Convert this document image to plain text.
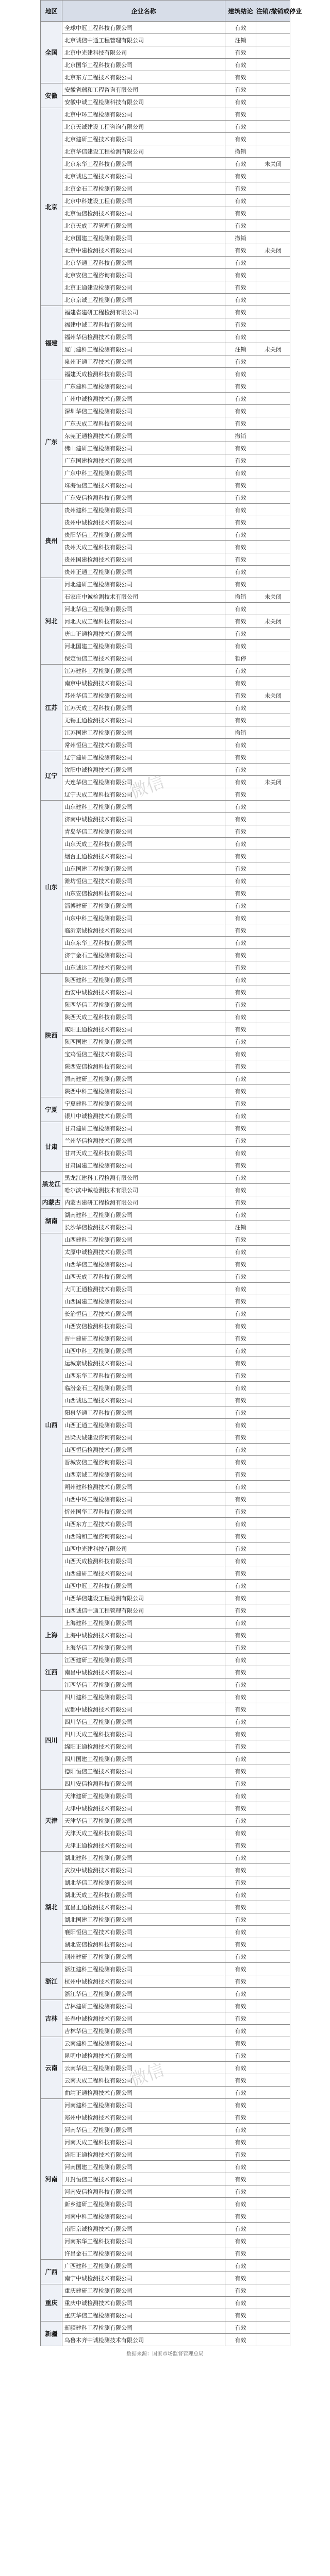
地区	企业名称	建筑结论	注销/撤销或停业
全国	全球中冠工程科技有限公司	有效	
	北京诚信中通工程管理有限公司	注销	
	北京中光建科技有限公司	有效	
	北京国华工程科技有限公司	有效	
	北京东方工程技术有限公司	有效	
安徽	安徽省瑞和工程咨询有限公司	有效	
	安徽中诚工程检测科技有限公司	有效	
北京	北京中环工程检测有限公司	有效	
	北京天诚建设工程咨询有限公司	有效	
	北京建研工程技术有限公司	有效	
	北京华信建设工程检测有限公司	撤销	
	北京东华工程科技有限公司	有效	未关闭
	北京诚达工程技术有限公司	有效	
	北京金石工程检测有限公司	有效	
	北京中科建设工程有限公司	有效	
	北京恒信检测技术有限公司	有效	
	北京天成工程管理有限公司	有效	
	北京国建工程检测有限公司	撤销	
	北京中建检测技术有限公司	有效	未关闭
	北京华通工程科技有限公司	有效	
	北京安信工程咨询有限公司	有效	
	北京正通建设检测有限公司	有效	
	北京京诚工程检测有限公司	有效	
福建	福建省建研工程检测有限公司	有效	
	福建中诚工程科技有限公司	有效	
	福州华信检测技术有限公司	有效	
	厦门建科工程检测有限公司	注销	未关闭
	泉州正通工程技术有限公司	有效	
	福建天成检测科技有限公司	有效	
广东	广东建科工程检测有限公司	有效	
	广州中诚检测技术有限公司	有效	
	深圳华信工程检测有限公司	有效	
	广东天成工程科技有限公司	有效	
	东莞正通检测技术有限公司	撤销	
	佛山建研工程检测有限公司	有效	
	广东国建检测技术有限公司	有效	
	广东中科工程检测有限公司	有效	
	珠海恒信工程技术有限公司	有效	
	广东安信检测科技有限公司	有效	
贵州	贵州建科工程检测有限公司	有效	
	贵州中诚检测技术有限公司	有效	
	贵阳华信工程检测有限公司	有效	
	贵州天成工程科技有限公司	有效	
	贵州国建检测技术有限公司	有效	
	贵州正通工程检测有限公司	有效	
河北	河北建研工程检测有限公司	有效	
	石家庄中诚检测技术有限公司	撤销	未关闭
	河北华信工程检测有限公司	有效	
	河北天成工程科技有限公司	有效	未关闭
	唐山正通检测技术有限公司	有效	
	河北国建工程检测有限公司	有效	
	保定恒信工程技术有限公司	暂停	
江苏	江苏建科工程检测有限公司	有效	
	南京中诚检测技术有限公司	有效	
	苏州华信工程检测有限公司	有效	未关闭
	江苏天成工程科技有限公司	有效	
	无锡正通检测技术有限公司	有效	
	江苏国建工程检测有限公司	撤销	
	常州恒信工程技术有限公司	有效	
辽宁	辽宁建研工程检测有限公司	有效	
	沈阳中诚检测技术有限公司	有效	
	大连华信工程检测有限公司	有效	未关闭
	辽宁天成工程科技有限公司	有效	
山东	山东建科工程检测有限公司	有效	
	济南中诚检测技术有限公司	有效	
	青岛华信工程检测有限公司	有效	
	山东天成工程科技有限公司	有效	
	烟台正通检测技术有限公司	有效	
	山东国建工程检测有限公司	有效	
	潍坊恒信工程技术有限公司	有效	
	山东安信检测科技有限公司	有效	
	淄博建研工程检测有限公司	有效	
	山东中科工程检测有限公司	有效	
	临沂京诚检测技术有限公司	有效	
	山东东华工程科技有限公司	有效	
	济宁金石工程检测有限公司	有效	
	山东诚达工程技术有限公司	有效	
陕西	陕西建科工程检测有限公司	有效	
	西安中诚检测技术有限公司	有效	
	陕西华信工程检测有限公司	有效	
	陕西天成工程科技有限公司	有效	
	咸阳正通检测技术有限公司	有效	
	陕西国建工程检测有限公司	有效	
	宝鸡恒信工程技术有限公司	有效	
	陕西安信检测科技有限公司	有效	
	渭南建研工程检测有限公司	有效	
	陕西中科工程检测有限公司	有效	
宁夏	宁夏建科工程检测有限公司	有效	
	银川中诚检测技术有限公司	有效	
甘肃	甘肃建研工程检测有限公司	有效	
	兰州华信检测技术有限公司	有效	
	甘肃天成工程科技有限公司	有效	
	甘肃国建工程检测有限公司	有效	
黑龙江	黑龙江建科工程检测有限公司	有效	
	哈尔滨中诚检测技术有限公司	有效	
内蒙古	内蒙古建研工程检测有限公司	有效	
湖南	湖南建科工程检测有限公司	有效	
	长沙华信检测技术有限公司	注销	
山西	山西建科工程检测有限公司	有效	
	太原中诚检测技术有限公司	有效	
	山西华信工程检测有限公司	有效	
	山西天成工程科技有限公司	有效	
	大同正通检测技术有限公司	有效	
	山西国建工程检测有限公司	有效	
	长治恒信工程技术有限公司	有效	
	山西安信检测科技有限公司	有效	
	晋中建研工程检测有限公司	有效	
	山西中科工程检测有限公司	有效	
	运城京诚检测技术有限公司	有效	
	山西东华工程科技有限公司	有效	
	临汾金石工程检测有限公司	有效	
	山西诚达工程技术有限公司	有效	
	阳泉华通工程科技有限公司	有效	
	山西正通工程检测有限公司	有效	
	吕梁天诚建设咨询有限公司	有效	
	山西恒信检测技术有限公司	有效	
	晋城安信工程咨询有限公司	有效	
	山西京诚工程检测有限公司	有效	
	朔州建科检测技术有限公司	有效	
	山西中环工程检测有限公司	有效	
	忻州国华工程科技有限公司	有效	
	山西东方工程技术有限公司	有效	
	山西瑞和工程咨询有限公司	有效	
	山西中光建科技有限公司	有效	
	山西天成检测科技有限公司	有效	
	山西建研工程技术有限公司	有效	
	山西中冠工程科技有限公司	有效	
	山西华信建设工程检测有限公司	有效	
	山西诚信中通工程管理有限公司	有效	
上海	上海建科工程检测有限公司	有效	
	上海中诚检测技术有限公司	有效	
	上海华信工程检测有限公司	有效	
江西	江西建研工程检测有限公司	有效	
	南昌中诚检测技术有限公司	有效	
	江西华信工程检测有限公司	有效	
四川	四川建科工程检测有限公司	有效	
	成都中诚检测技术有限公司	有效	
	四川华信工程检测有限公司	有效	
	四川天成工程科技有限公司	有效	
	绵阳正通检测技术有限公司	有效	
	四川国建工程检测有限公司	有效	
	德阳恒信工程技术有限公司	有效	
	四川安信检测科技有限公司	有效	
天津	天津建研工程检测有限公司	有效	
	天津中诚检测技术有限公司	有效	
	天津华信工程检测有限公司	有效	
	天津天成工程科技有限公司	有效	
	天津正通检测技术有限公司	有效	
湖北	湖北建科工程检测有限公司	有效	
	武汉中诚检测技术有限公司	有效	
	湖北华信工程检测有限公司	有效	
	湖北天成工程科技有限公司	有效	
	宜昌正通检测技术有限公司	有效	
	湖北国建工程检测有限公司	有效	
	襄阳恒信工程技术有限公司	有效	
	湖北安信检测科技有限公司	有效	
	荆州建研工程检测有限公司	有效	
浙江	浙江建科工程检测有限公司	有效	
	杭州中诚检测技术有限公司	有效	
	浙江华信工程检测有限公司	有效	
吉林	吉林建研工程检测有限公司	有效	
	长春中诚检测技术有限公司	有效	
	吉林华信工程检测有限公司	有效	
云南	云南建科工程检测有限公司	有效	
	昆明中诚检测技术有限公司	有效	
	云南华信工程检测有限公司	有效	
	云南天成工程科技有限公司	有效	
	曲靖正通检测技术有限公司	有效	
河南	河南建科工程检测有限公司	有效	
	郑州中诚检测技术有限公司	有效	
	河南华信工程检测有限公司	有效	
	河南天成工程科技有限公司	有效	
	洛阳正通检测技术有限公司	有效	
	河南国建工程检测有限公司	有效	
	开封恒信工程技术有限公司	有效	
	河南安信检测科技有限公司	有效	
	新乡建研工程检测有限公司	有效	
	河南中科工程检测有限公司	有效	
	南阳京诚检测技术有限公司	有效	
	河南东华工程科技有限公司	有效	
	许昌金石工程检测有限公司	有效	
广西	广西建科工程检测有限公司	有效	
	南宁中诚检测技术有限公司	有效	
重庆	重庆建研工程检测有限公司	有效	
	重庆中诚检测技术有限公司	有效	
	重庆华信工程检测有限公司	有效	
新疆	新疆建科工程检测有限公司	有效	
	乌鲁木齐中诚检测技术有限公司	有效	
数据来源：国家市场监督管理总局
微信
微信
